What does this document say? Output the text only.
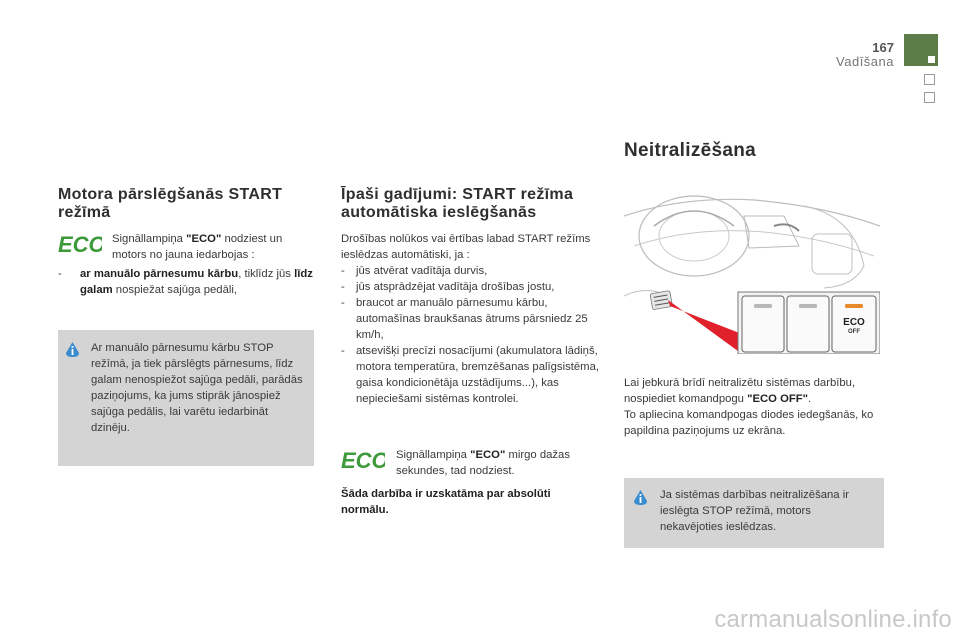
167
Vadīšana
Motora pārslēgšanās START režīmā
ECO Signāllampiņa "ECO" nodziest un motors no jauna iedarbojas :

- ar manuālo pārnesumu kārbu, tiklīdz jūs līdz galam nospiežat sajūga pedāli,

Ar manuālo pārnesumu kārbu STOP režīmā, ja tiek pārslēgts pārnesums, līdz galam nenospiežot sajūga pedāli, parādās paziņojums, ka jums stiprāk jānospiež sajūga pedālis, lai varētu iedarbināt dzinēju.
Īpaši gadījumi: START režīma automātiska ieslēgšanās

Drošības nolūkos vai ērtības labad START režīms ieslēdzas automātiski, ja :

- jūs atvērat vadītāja durvis,

- jūs atsprādzējat vadītāja drošības jostu,

- braucot ar manuālo pārnesumu kārbu, automašīnas braukšanas ātrums pārsniedz 25 km/h,

- atsevišķi precīzi nosacījumi (akumulatora lādiņš, motora temperatūra, bremzēšanas palīgsistēma, gaisa kondicionētāja uzstādījums...), kas nepieciešami sistēmas kontrolei.

ECO Signāllampiņa "ECO" mirgo dažas sekundes, tad nodziest.
Šāda darbība ir uzskatāma par absolūti normālu.
Neitralizēšana
ECO
OFF

Lai jebkurā brīdī neitralizētu sistēmas darbību, nospiediet komandpogu "ECO OFF".

To apliecina komandpogas diodes iedegšanās, ko papildina paziņojums uz ekrāna.

Ja sistēmas darbības neitralizēšana ir ieslēgta STOP režīmā, motors nekavējoties ieslēdzas.
carmanualsonline.info
